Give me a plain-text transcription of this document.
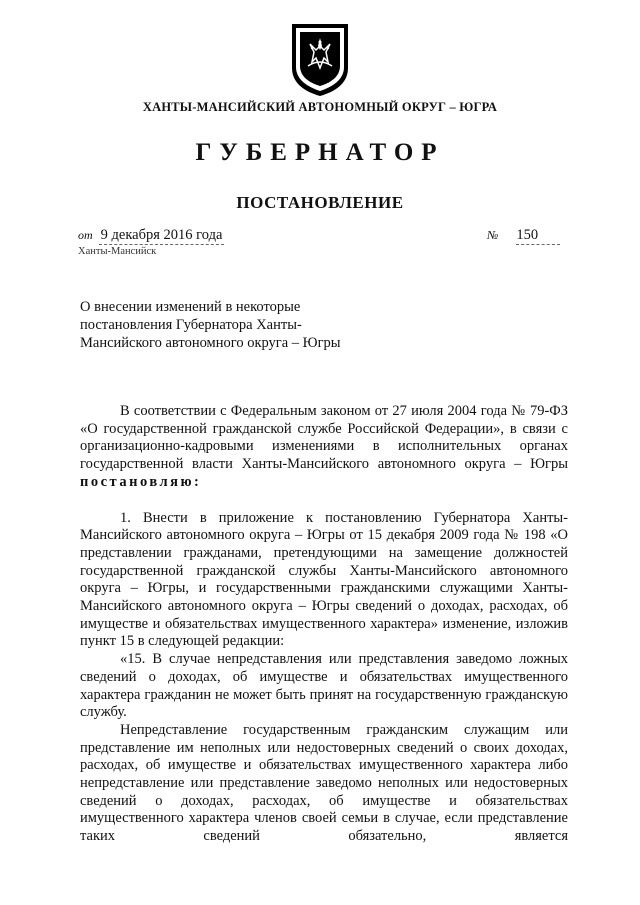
ЮГРА
ХАНТЫ-МАНСИЙСКИЙ АВТОНОМНЫЙ ОКРУГ – ЮГРА
ГУБЕРНАТОР
ПОСТАНОВЛЕНИЕ
от 9 декабря 2016 года	№ 150
Ханты-Мансийск
О внесении изменений в некоторые постановления Губернатора Ханты-Мансийского автономного округа – Югры

В соответствии с Федеральным законом от 27 июля 2004 года № 79-ФЗ «О государственной гражданской службе Российской Федерации», в связи с организационно-кадровыми изменениями в исполнительных органах государственной власти Ханты-Мансийского автономного округа – Югры постановляю:

1. Внести в приложение к постановлению Губернатора Ханты-Мансийского автономного округа – Югры от 15 декабря 2009 года № 198 «О представлении гражданами, претендующими на замещение должностей государственной гражданской службы Ханты-Мансийского автономного округа – Югры, и государственными гражданскими служащими Ханты-Мансийского автономного округа – Югры сведений о доходах, расходах, об имуществе и обязательствах имущественного характера» изменение, изложив пункт 15 в следующей редакции:

«15. В случае непредставления или представления заведомо ложных сведений о доходах, об имуществе и обязательствах имущественного характера гражданин не может быть принят на государственную гражданскую службу.

Непредставление государственным гражданским служащим или представление им неполных или недостоверных сведений о своих доходах, расходах, об имуществе и обязательствах имущественного характера либо непредставление или представление заведомо неполных или недостоверных сведений о доходах, расходах, об имуществе и обязательствах имущественного характера членов своей семьи в случае, если представление таких сведений обязательно, является
